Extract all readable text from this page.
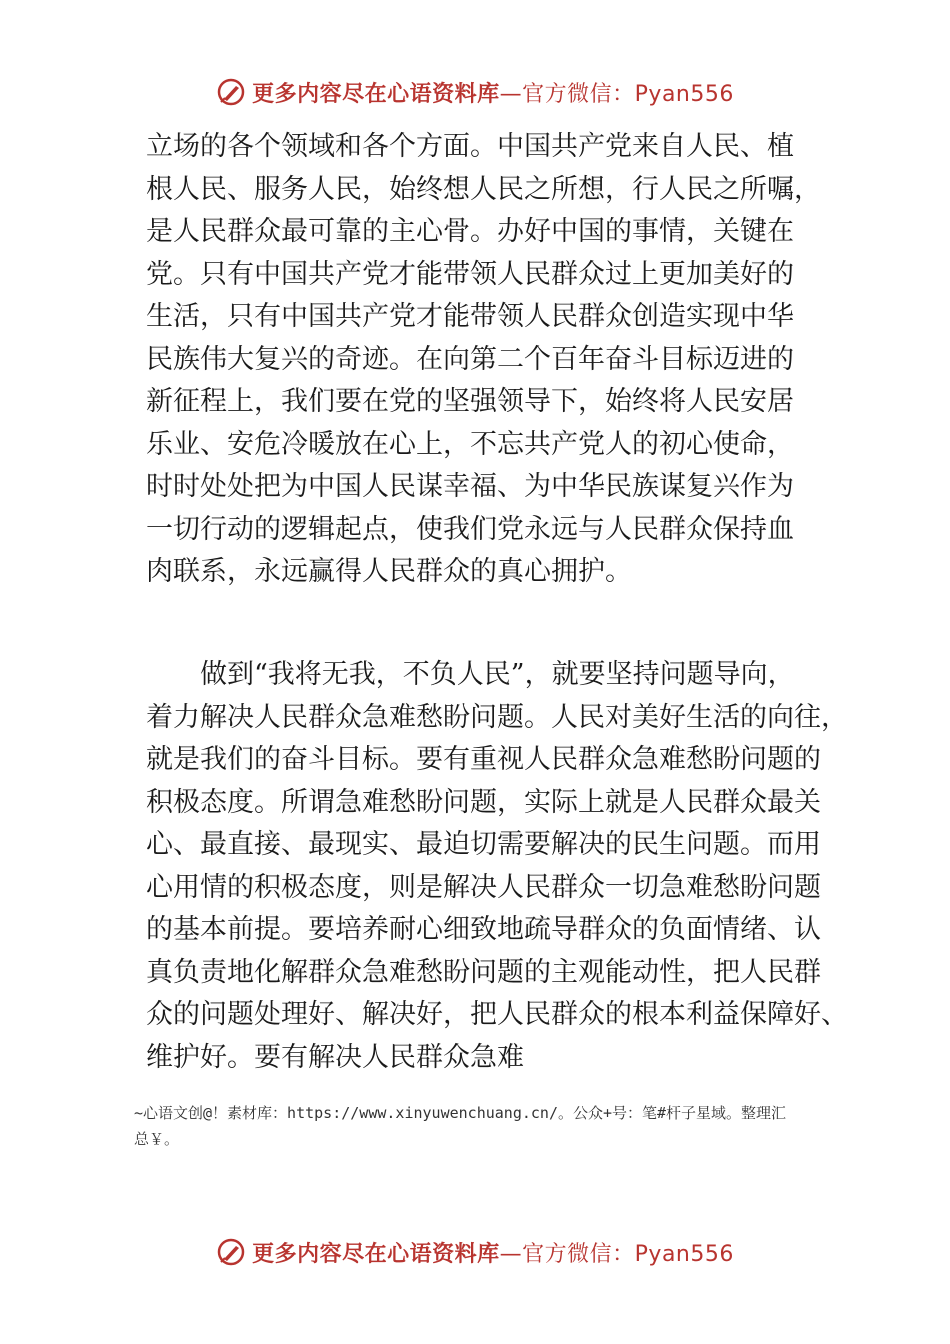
更多内容尽在心语资料库—官方微信：Pyan556
立场的各个领域和各个方面。中国共产党来自人民、植
根人民、服务人民，始终想人民之所想，行人民之所嘱，
是人民群众最可靠的主心骨。办好中国的事情，关键在
党。只有中国共产党才能带领人民群众过上更加美好的
生活，只有中国共产党才能带领人民群众创造实现中华
民族伟大复兴的奇迹。在向第二个百年奋斗目标迈进的
新征程上，我们要在党的坚强领导下，始终将人民安居
乐业、安危冷暖放在心上，不忘共产党人的初心使命，
时时处处把为中国人民谋幸福、为中华民族谋复兴作为
一切行动的逻辑起点，使我们党永远与人民群众保持血
肉联系，永远赢得人民群众的真心拥护。
　　做到“我将无我，不负人民”，就要坚持问题导向，
着力解决人民群众急难愁盼问题。人民对美好生活的向往，
就是我们的奋斗目标。要有重视人民群众急难愁盼问题的
积极态度。所谓急难愁盼问题，实际上就是人民群众最关
心、最直接、最现实、最迫切需要解决的民生问题。而用
心用情的积极态度，则是解决人民群众一切急难愁盼问题
的基本前提。要培养耐心细致地疏导群众的负面情绪、认
真负责地化解群众急难愁盼问题的主观能动性，把人民群
众的问题处理好、解决好，把人民群众的根本利益保障好、
维护好。要有解决人民群众急难
~心语文创@！素材库：https://www.xinyuwenchuang.cn/。公众+号：笔#杆子星域。整理汇
总￥。
更多内容尽在心语资料库—官方微信：Pyan556
